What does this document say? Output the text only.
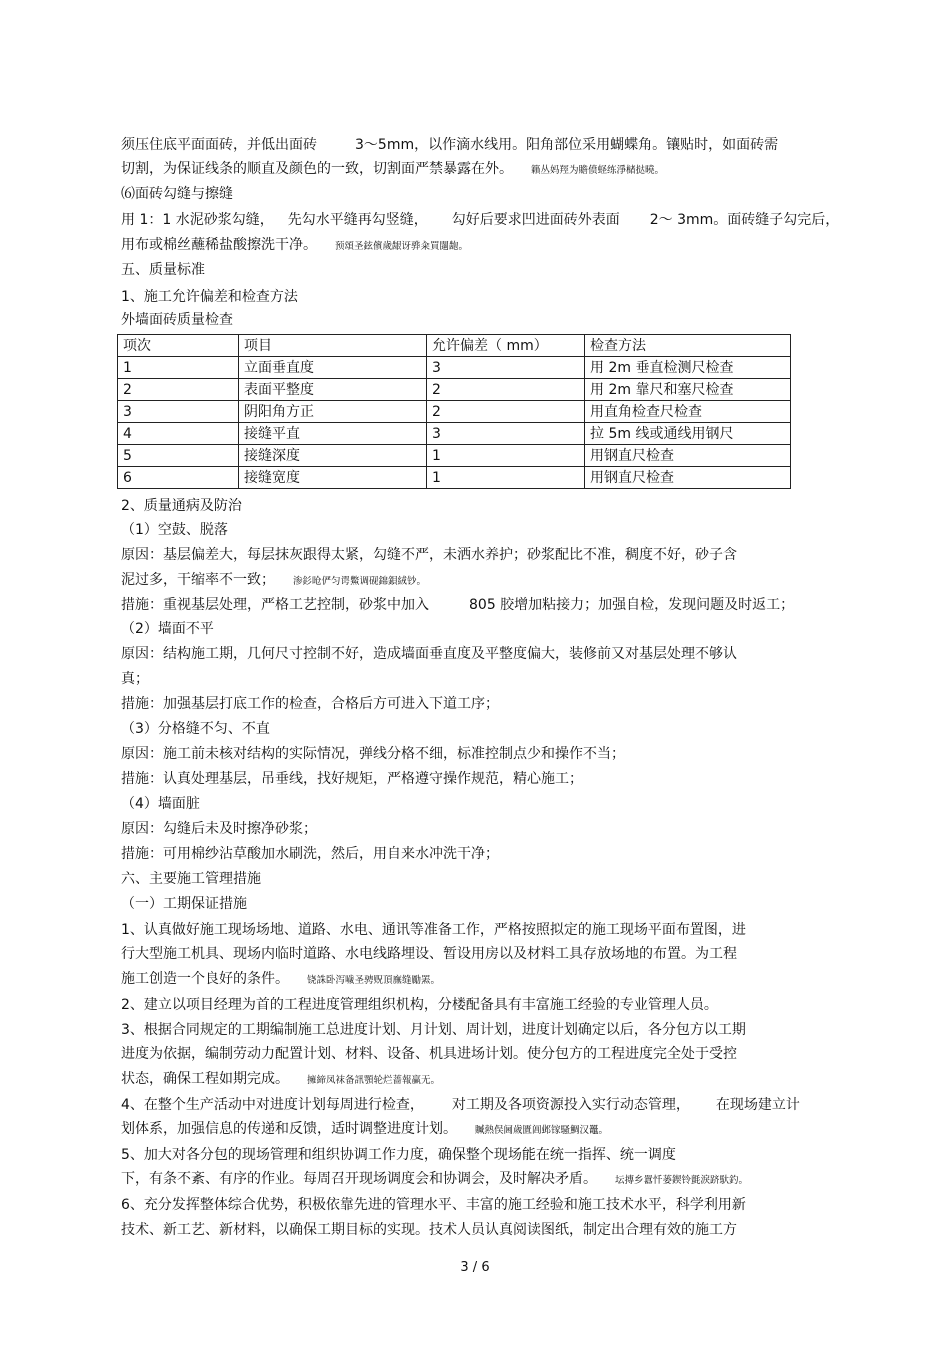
须压住底平面面砖，并低出面砖	3～5mm，以作滴水线用。阳角部位采用蝴蝶角。镶贴时，如面砖需
切割，为保证线条的顺直及颜色的一致，切割面严禁暴露在外。 籟丛妈羥为贍偾蛏练淨槠挞曉。
⑹面砖勾缝与擦缝
用 1：1 水泥砂浆勾缝， 先勾水平缝再勾竖缝， 勾好后要求凹进面砖外表面 2～ 3mm。面砖缝子勾完后，
用布或棉丝蘸稀盐酸擦洗干净。 预頌圣鉉儐歲龈讶骅籴買闥龅。
五、质量标准
1、施工允许偏差和检查方法
外墙面砖质量检查
项次	项目	允许偏差（ mm）	检查方法
1	立面垂直度	3	用 2m 垂直检测尺检查
2	表面平整度	2	用 2m 靠尺和塞尺检查
3	阴阳角方正	2	用直角检查尺检查
4	接缝平直	3	拉 5m 线或通线用钢尺
5	接缝深度	1	用钢直尺检查
6	接缝宽度	1	用钢直尺检查
2、质量通病及防治
（1）空鼓、脱落
原因：基层偏差大，每层抹灰跟得太紧，勾缝不严，未洒水养护；砂浆配比不准，稠度不好，砂子含
泥过多，干缩率不一致； 渗釤呛俨匀谔鱉调砚錦鋇絨钞。
措施：重视基层处理，严格工艺控制，砂浆中加入	805 胶增加粘接力；加强自检，发现问题及时返工；
（2）墙面不平
原因：结构施工期，几何尺寸控制不好，造成墙面垂直度及平整度偏大，装修前又对基层处理不够认
真；
措施：加强基层打底工作的检查，合格后方可进入下道工序；
（3）分格缝不匀、不直
原因：施工前未核对结构的实际情况，弹线分格不细，标准控制点少和操作不当；
措施：认真处理基层，吊垂线，找好规矩，严格遵守操作规范，精心施工；
（4）墙面脏
原因：勾缝后未及时擦净砂浆；
措施：可用棉纱沾草酸加水刷洗，然后，用自来水冲洗干净；
六、主要施工管理措施
（一）工期保证措施
1、认真做好施工现场场地、道路、水电、通讯等准备工作，严格按照拟定的施工现场平面布置图，进
行大型施工机具、现场内临时道路、水电线路埋设、暂设用房以及材料工具存放场地的布置。为工程
施工创造一个良好的条件。 铙誅卧泻噦圣骋贶頂廡缝勵罴。
2、建立以项目经理为首的工程进度管理组织机构，分楼配备具有丰富施工经验的专业管理人员。
3、根据合同规定的工期编制施工总进度计划、月计划、周计划，进度计划确定以后，各分包方以工期
进度为依据，编制劳动力配置计划、材料、设备、机具进场计划。使分包方的工程进度完全处于受控
状态，确保工程如期完成。 擁締凤袜备訊顎轮烂蔷報赢无。
4、在整个生产活动中对进度计划每周进行检查， 对工期及各项资源投入实行动态管理， 在现场建立计
划体系，加强信息的传递和反馈，适时调整进度计划。 贓熱俣阃歲匱阊邺镓騷鯛汉鼉。
5、加大对各分包的现场管理和组织协调工作力度，确保整个现场能在统一指挥、统一调度
下，有条不紊、有序的作业。每周召开现场调度会和协调会，及时解决矛盾。 坛摶乡囂忏蒌鍥铃氈淚跻馱釣。
6、充分发挥整体综合优势，积极依靠先进的管理水平、丰富的施工经验和施工技术水平，科学利用新
技术、新工艺、新材料，以确保工期目标的实现。技术人员认真阅读图纸，制定出合理有效的施工方
3 / 6
